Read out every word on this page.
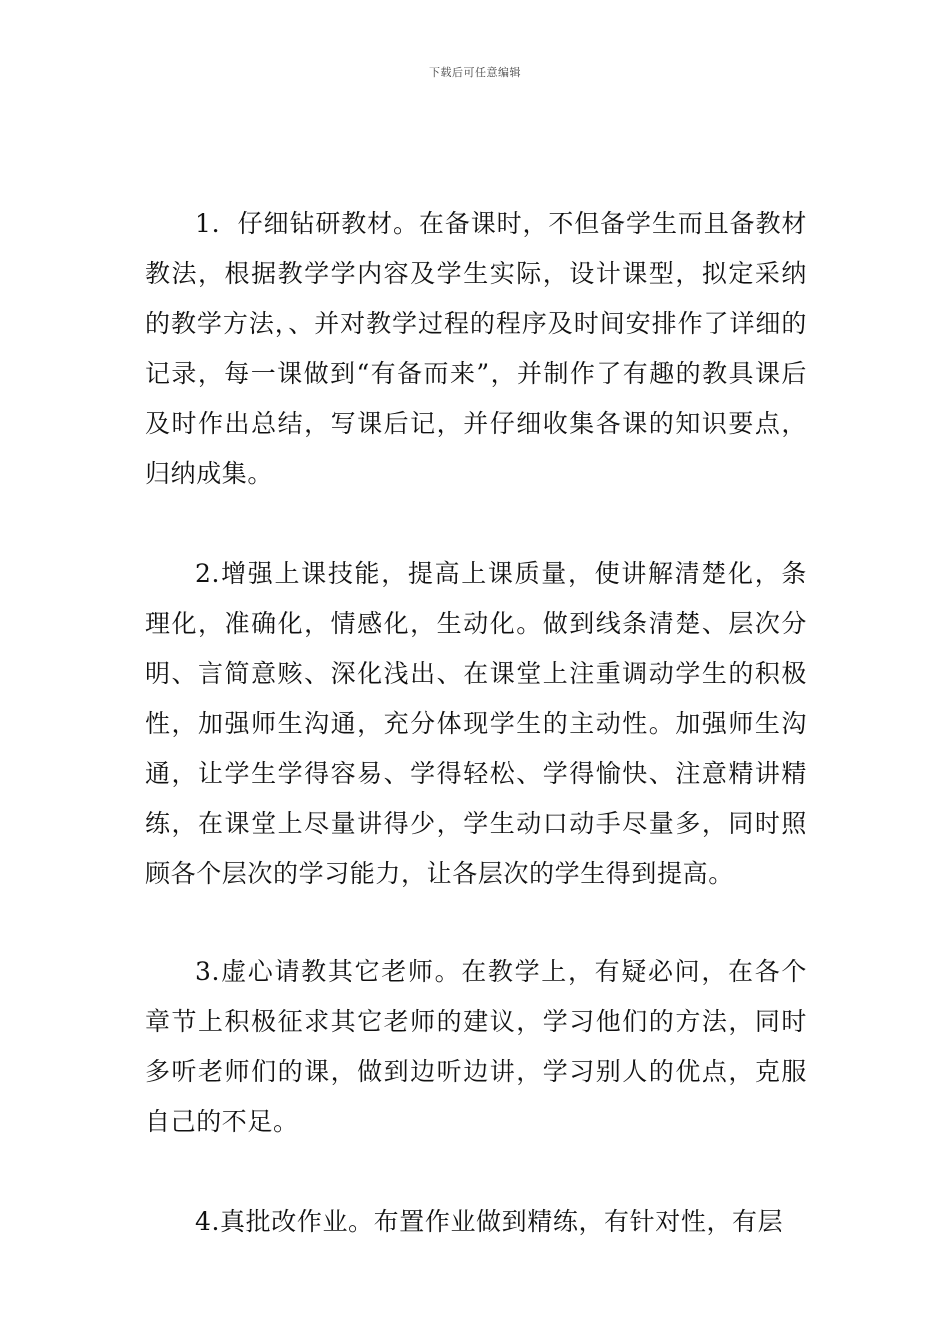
下载后可任意编辑

1．仔细钻研教材。在备课时，不但备学生而且备教材教法，根据教学学内容及学生实际，设计课型，拟定采纳的教学方法，、并对教学过程的程序及时间安排作了详细的记录，每一课做到“有备而来”，并制作了有趣的教具课后及时作出总结，写课后记，并仔细收集各课的知识要点，归纳成集。

2.增强上课技能，提高上课质量，使讲解清楚化，条理化，准确化，情感化，生动化。做到线条清楚、层次分明、言简意赅、深化浅出、在课堂上注重调动学生的积极性，加强师生沟通，充分体现学生的主动性。加强师生沟通，让学生学得容易、学得轻松、学得愉快、注意精讲精练，在课堂上尽量讲得少，学生动口动手尽量多，同时照顾各个层次的学习能力，让各层次的学生得到提高。

3.虚心请教其它老师。在教学上，有疑必问，在各个章节上积极征求其它老师的建议，学习他们的方法，同时多听老师们的课，做到边听边讲，学习别人的优点，克服自己的不足。

4.真批改作业。布置作业做到精练，有针对性，有层
